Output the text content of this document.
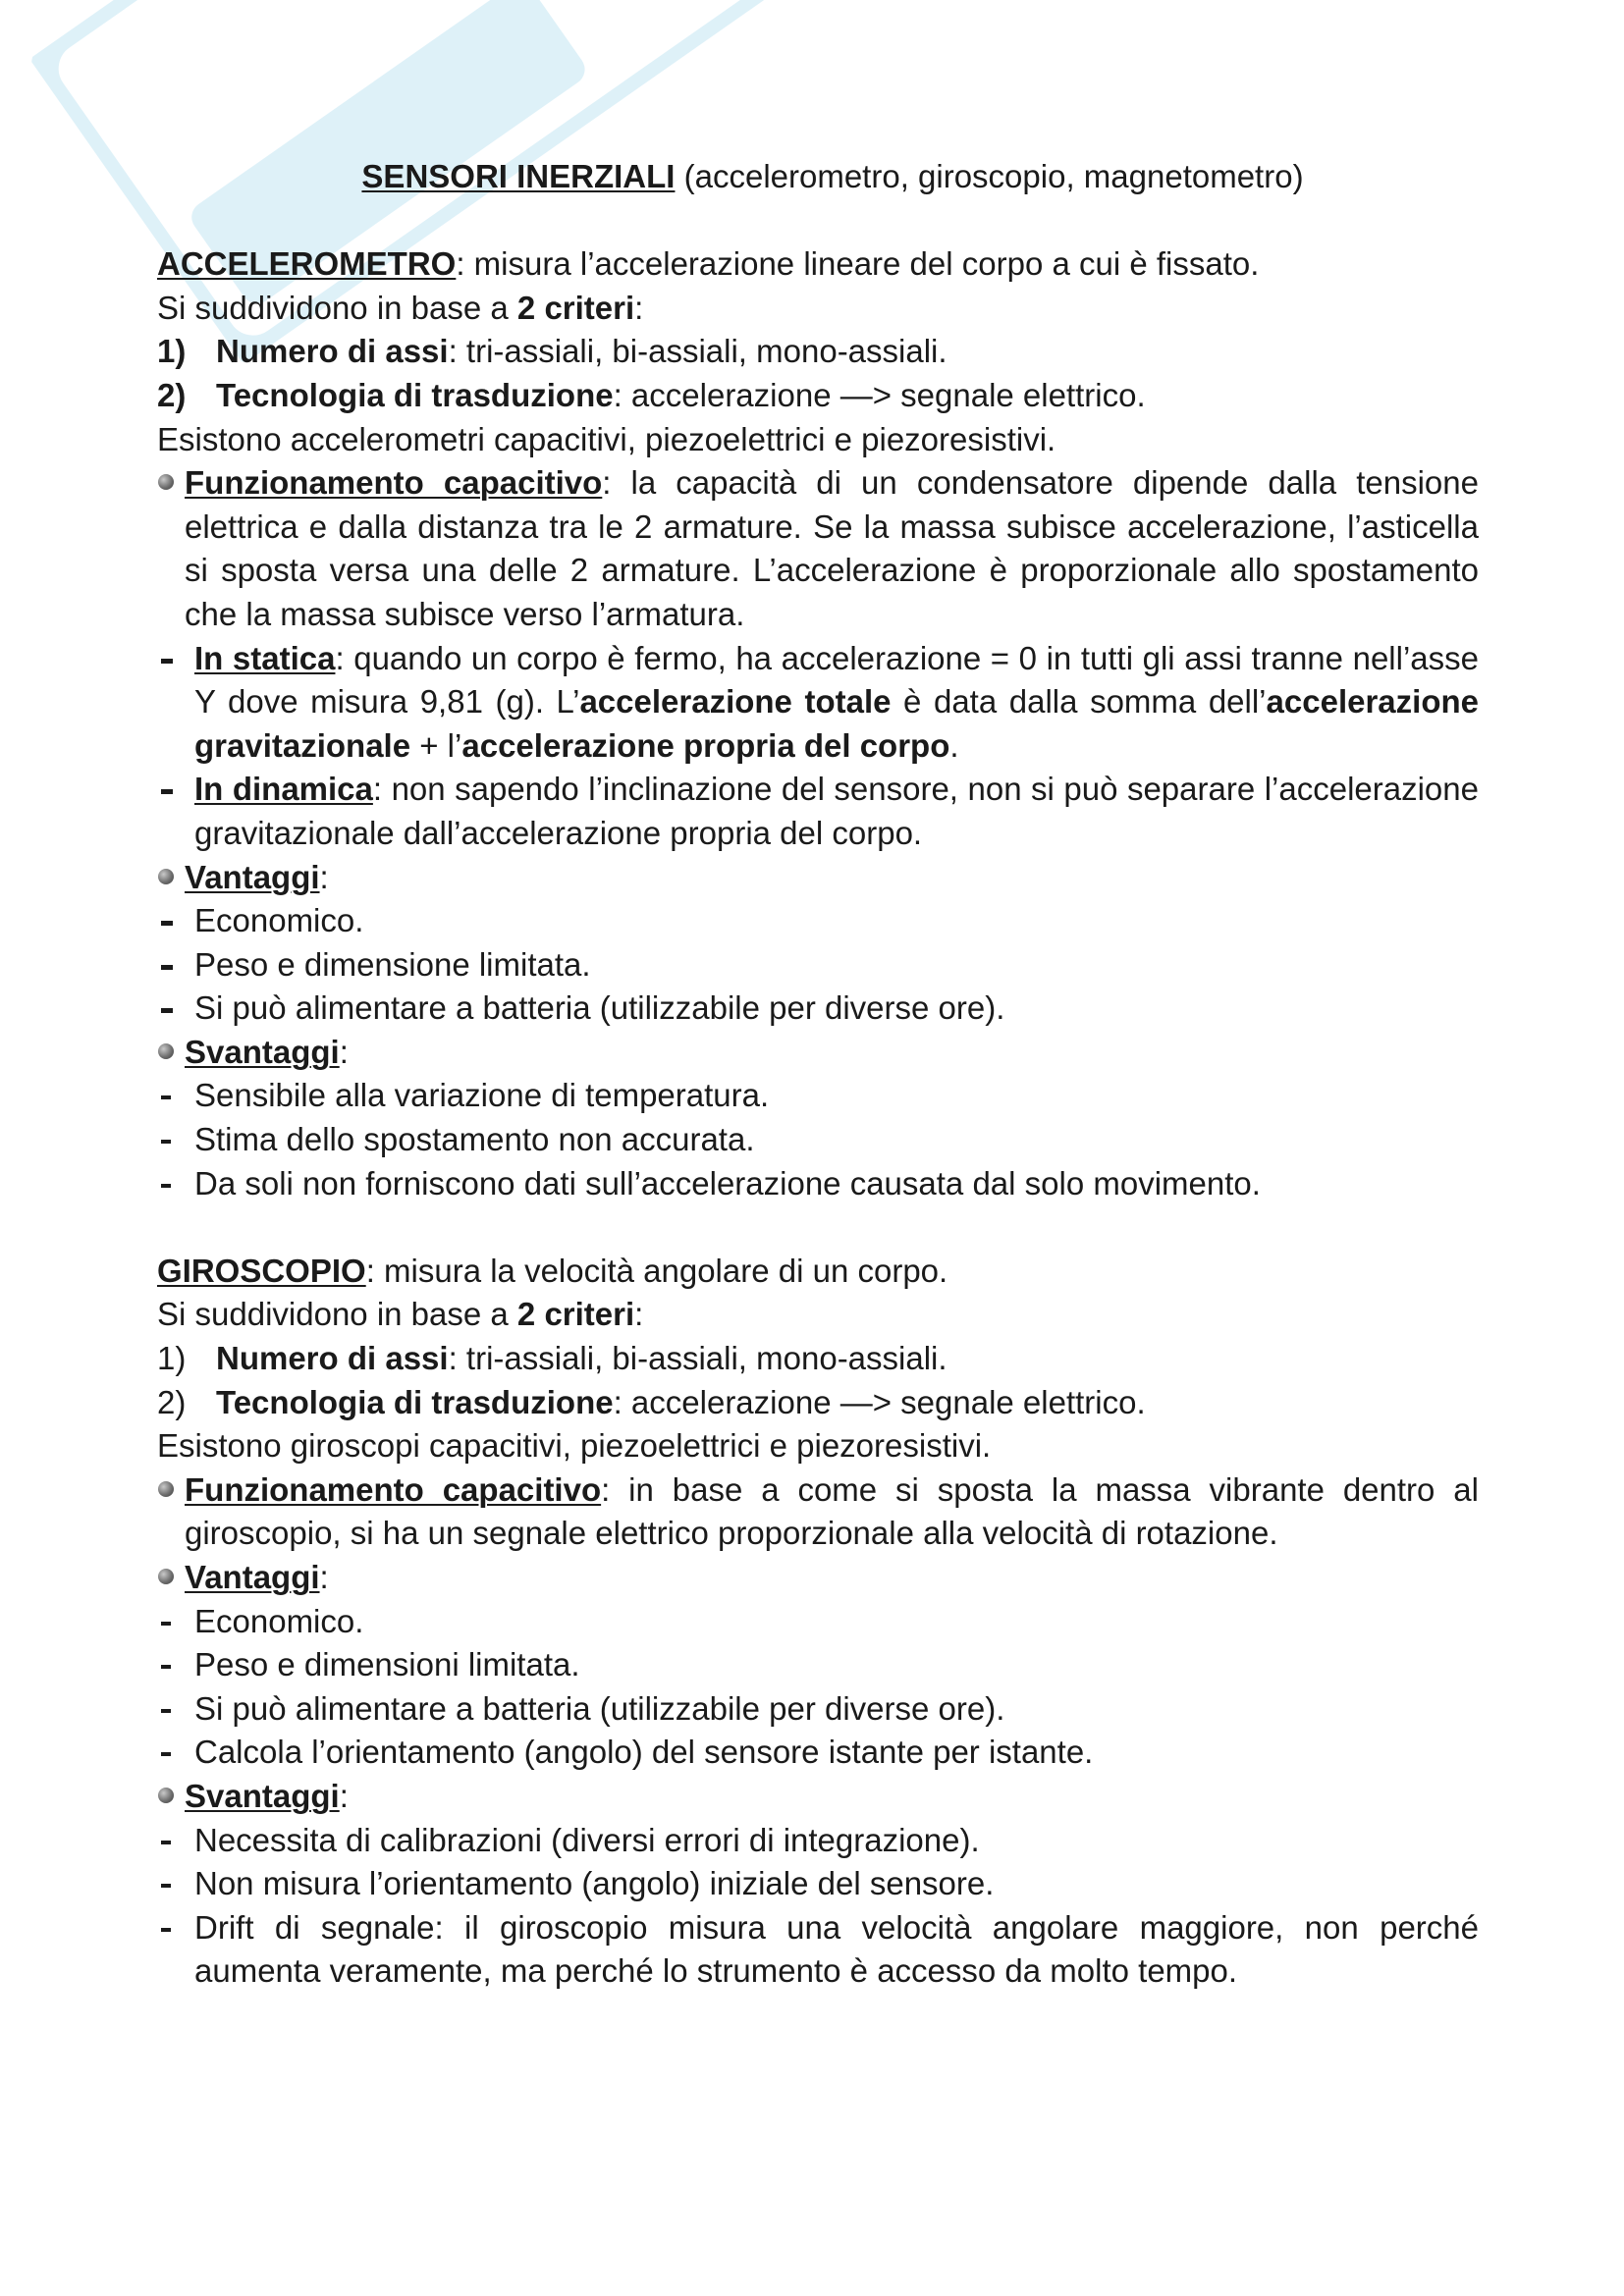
SENSORI INERZIALI (accelerometro, giroscopio, magnetometro)
ACCELEROMETRO: misura l’accelerazione lineare del corpo a cui è fissato.
Si suddividono in base a 2 criteri:
1) Numero di assi: tri-assiali, bi-assiali, mono-assiali.
2) Tecnologia di trasduzione: accelerazione —> segnale elettrico.
Esistono accelerometri capacitivi, piezoelettrici e piezoresistivi.
Funzionamento capacitivo: la capacità di un condensatore dipende dalla tensione elettrica e dalla distanza tra le 2 armature. Se la massa subisce accelerazione, l’asticella si sposta versa una delle 2 armature. L’accelerazione è proporzionale allo spostamento che la massa subisce verso l’armatura.
In statica: quando un corpo è fermo, ha accelerazione = 0 in tutti gli assi tranne nell’asse Y dove misura 9,81 (g). L’accelerazione totale è data dalla somma dell’accelerazione gravitazionale + l’accelerazione propria del corpo.
In dinamica: non sapendo l’inclinazione del sensore, non si può separare l’accelerazione gravitazionale dall’accelerazione propria del corpo.
Vantaggi:
Economico.
Peso e dimensione limitata.
Si può alimentare a batteria (utilizzabile per diverse ore).
Svantaggi:
Sensibile alla variazione di temperatura.
Stima dello spostamento non accurata.
Da soli non forniscono dati sull’accelerazione causata dal solo movimento.
GIROSCOPIO: misura la velocità angolare di un corpo.
Si suddividono in base a 2 criteri:
1) Numero di assi: tri-assiali, bi-assiali, mono-assiali.
2) Tecnologia di trasduzione: accelerazione —> segnale elettrico.
Esistono giroscopi capacitivi, piezoelettrici e piezoresistivi.
Funzionamento capacitivo: in base a come si sposta la massa vibrante dentro al giroscopio, si ha un segnale elettrico proporzionale alla velocità di rotazione.
Vantaggi:
Economico.
Peso e dimensioni limitata.
Si può alimentare a batteria (utilizzabile per diverse ore).
Calcola l’orientamento (angolo) del sensore istante per istante.
Svantaggi:
Necessita di calibrazioni (diversi errori di integrazione).
Non misura l’orientamento (angolo) iniziale del sensore.
Drift di segnale: il giroscopio misura una velocità angolare maggiore, non perché aumenta veramente, ma perché lo strumento è accesso da molto tempo.
